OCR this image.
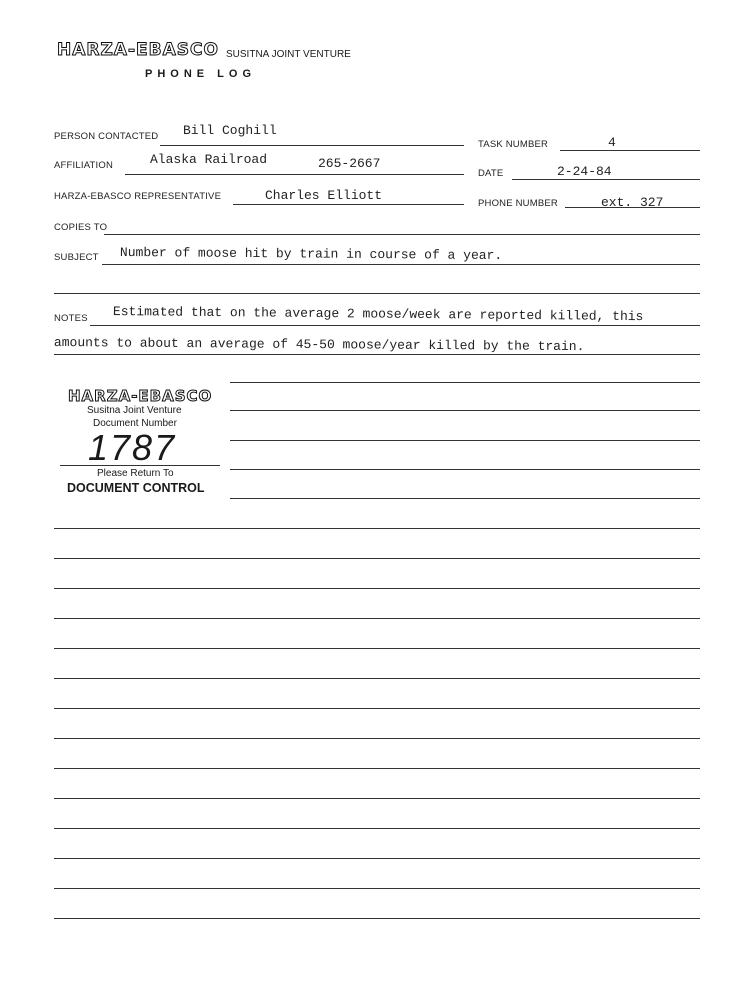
HARZA-EBASCO SUSITNA JOINT VENTURE
PHONE LOG
PERSON CONTACTED Bill Coghill
TASK NUMBER	4
AFFILIATION	Alaska Railroad	265-2667
DATE	2-24-84
HARZA-EBASCO REPRESENTATIVE	Charles Elliott
PHONE NUMBER	ext. 327
COPIES TO
SUBJECT Number of moose hit by train in course of a year.
NOTES Estimated that on the average 2 moose/week are reported killed, this
amounts to about an average of 45-50 moose/year killed by the train.
HARZA-EBASCO
Susitna Joint Venture
Document Number
1787
Please Return To
DOCUMENT CONTROL
